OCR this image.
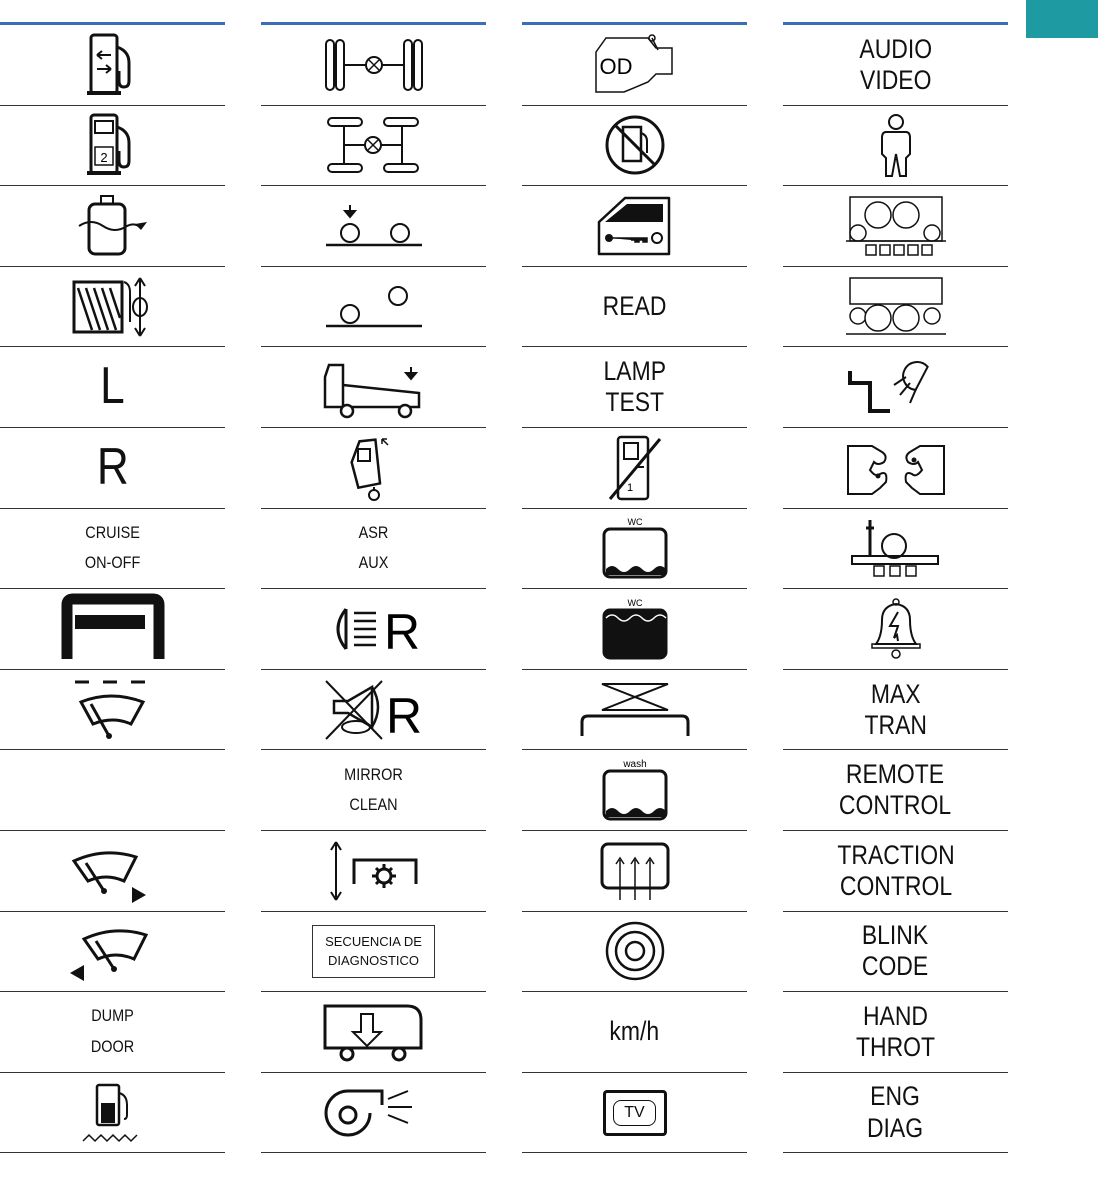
2
L
R
CRUISE
ON-OFF
DUMP
DOOR
ASR
AUX
R
R
MIRROR
CLEAN
SECUENCIA DE
DIAGNOSTICO
OD
READ
LAMP
TEST
1
WC
WC
wash
km/h
TV
AUDIO
VIDEO
MAX
TRAN
REMOTE
CONTROL
TRACTION
CONTROL
BLINK
CODE
HAND
THROT
ENG
DIAG
